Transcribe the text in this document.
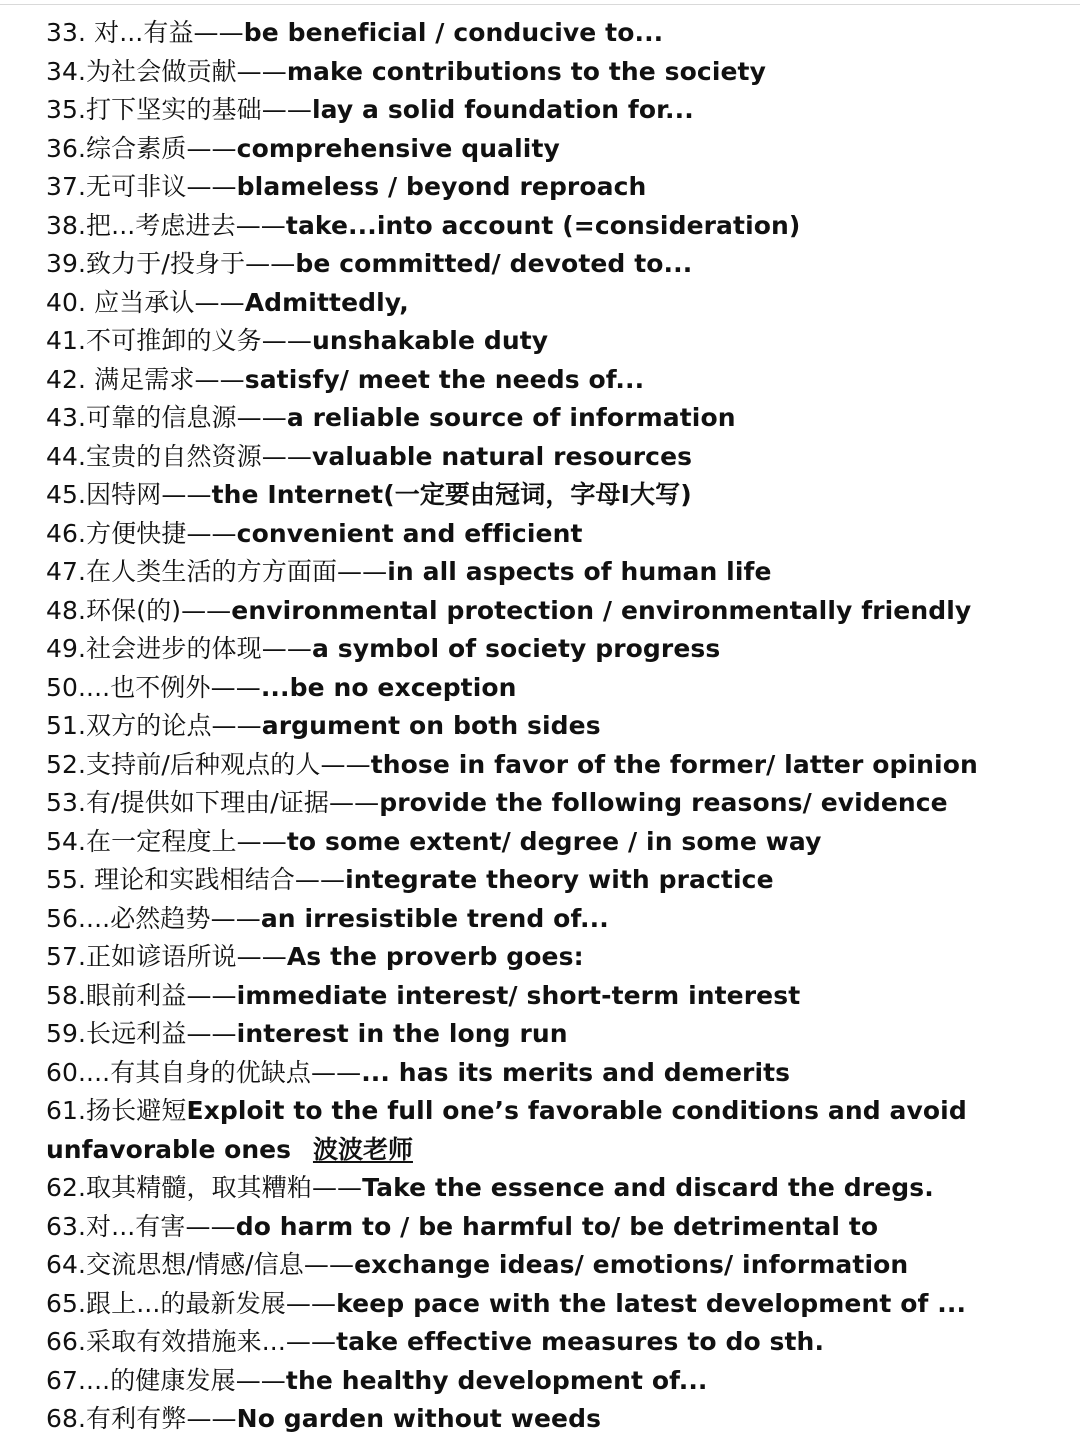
33. 对...有益——be beneficial / conducive to...
34.为社会做贡献——make contributions to the society
35.打下坚实的基础——lay a solid foundation for...
36.综合素质——comprehensive quality
37.无可非议——blameless / beyond reproach
38.把...考虑进去——take...into account (=consideration)
39.致力于/投身于——be committed/ devoted to...
40. 应当承认——Admittedly,
41.不可推卸的义务——unshakable duty
42. 满足需求——satisfy/ meet the needs of...
43.可靠的信息源——a reliable source of information
44.宝贵的自然资源——valuable natural resources
45.因特网——the Internet(一定要由冠词，字母I大写)
46.方便快捷——convenient and efficient
47.在人类生活的方方面面——in all aspects of human life
48.环保(的)——environmental protection / environmentally friendly
49.社会进步的体现——a symbol of society progress
50....也不例外——...be no exception
51.双方的论点——argument on both sides
52.支持前/后种观点的人——those in favor of the former/ latter opinion
53.有/提供如下理由/证据——provide the following reasons/ evidence
54.在一定程度上——to some extent/ degree / in some way
55. 理论和实践相结合——integrate theory with practice
56....必然趋势——an irresistible trend of...
57.正如谚语所说——As the proverb goes:
58.眼前利益——immediate interest/ short-term interest
59.长远利益——interest in the long run
60....有其自身的优缺点——... has its merits and demerits
61.扬长避短Exploit to the full one’s favorable conditions and avoid
unfavorable ones 波波老师
62.取其精髓，取其糟粕——Take the essence and discard the dregs.
63.对...有害——do harm to / be harmful to/ be detrimental to
64.交流思想/情感/信息——exchange ideas/ emotions/ information
65.跟上...的最新发展——keep pace with the latest development of ...
66.采取有效措施来...——take effective measures to do sth.
67....的健康发展——the healthy development of...
68.有利有弊——No garden without weeds
